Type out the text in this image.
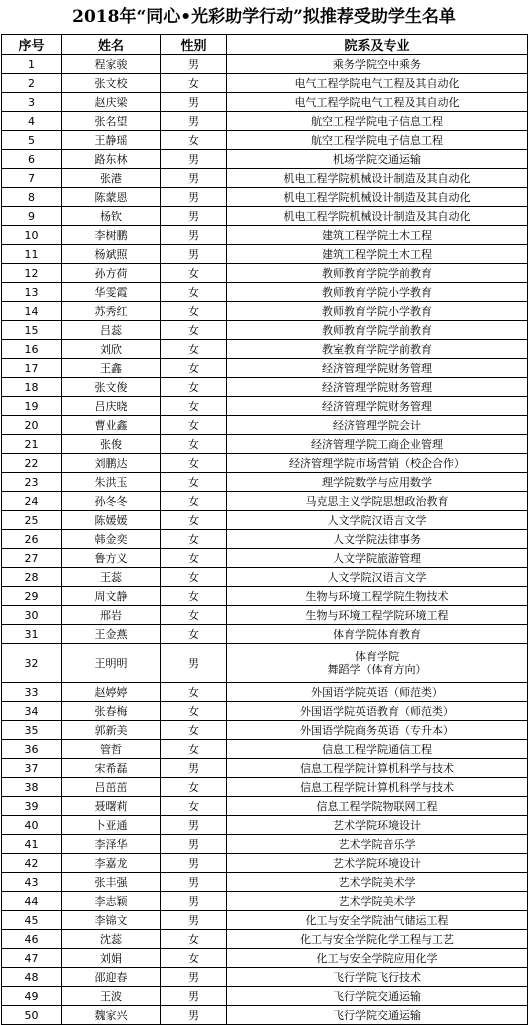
2018年“同心•光彩助学行动”拟推荐受助学生名单
序号	姓名	性别	院系及专业
1	程家骏	男	乘务学院空中乘务
2	张文校	女	电气工程学院电气工程及其自动化
3	赵庆梁	男	电气工程学院电气工程及其自动化
4	张名望	男	航空工程学院电子信息工程
5	王静瑶	女	航空工程学院电子信息工程
6	路东林	男	机场学院交通运输
7	张港	男	机电工程学院机械设计制造及其自动化
8	陈蒙恩	男	机电工程学院机械设计制造及其自动化
9	杨钦	男	机电工程学院机械设计制造及其自动化
10	李树鹏	男	建筑工程学院土木工程
11	杨斌照	男	建筑工程学院土木工程
12	孙方荷	女	教师教育学院学前教育
13	华雯霞	女	教师教育学院小学教育
14	苏秀红	女	教师教育学院小学教育
15	吕蕊	女	教师教育学院学前教育
16	刘欣	女	教室教育学院学前教育
17	王鑫	女	经济管理学院财务管理
18	张文俊	女	经济管理学院财务管理
19	吕庆晓	女	经济管理学院财务管理
20	曹业鑫	女	经济管理学院会计
21	张俊	女	经济管理学院工商企业管理
22	刘鹏达	女	经济管理学院市场营销（校企合作）
23	朱洪玉	女	理学院数学与应用数学
24	孙冬冬	女	马克思主义学院思想政治教育
25	陈媛媛	女	人文学院汉语言文学
26	韩金奕	女	人文学院法律事务
27	鲁方义	女	人文学院旅游管理
28	王蕊	女	人文学院汉语言文学
29	周文静	女	生物与环境工程学院生物技术
30	邢岩	女	生物与环境工程学院环境工程
31	王金燕	女	体育学院体育教育
32	王明明	男	体育学院
舞蹈学（体育方向）

33	赵婷婷	女	外国语学院英语（师范类）
34	张春梅	女	外国语学院英语教育（师范类）
35	郭新美	女	外国语学院商务英语（专升本）
36	管哲	女	信息工程学院通信工程
37	宋希磊	男	信息工程学院计算机科学与技术
38	吕茁茁	女	信息工程学院计算机科学与技术
39	聂曙莉	女	信息工程学院物联网工程
40	卜亚通	男	艺术学院环境设计
41	李泽华	男	艺术学院音乐学
42	李嘉龙	男	艺术学院环境设计
43	张丰强	男	艺术学院美术学
44	李志颖	男	艺术学院美术学
45	李锦文	男	化工与安全学院油气储运工程
46	沈蕊	女	化工与安全学院化学工程与工艺
47	刘娟	女	化工与安全学院应用化学
48	邵迎春	男	飞行学院飞行技术
49	王波	男	飞行学院交通运输
50	魏家兴	男	飞行学院交通运输
